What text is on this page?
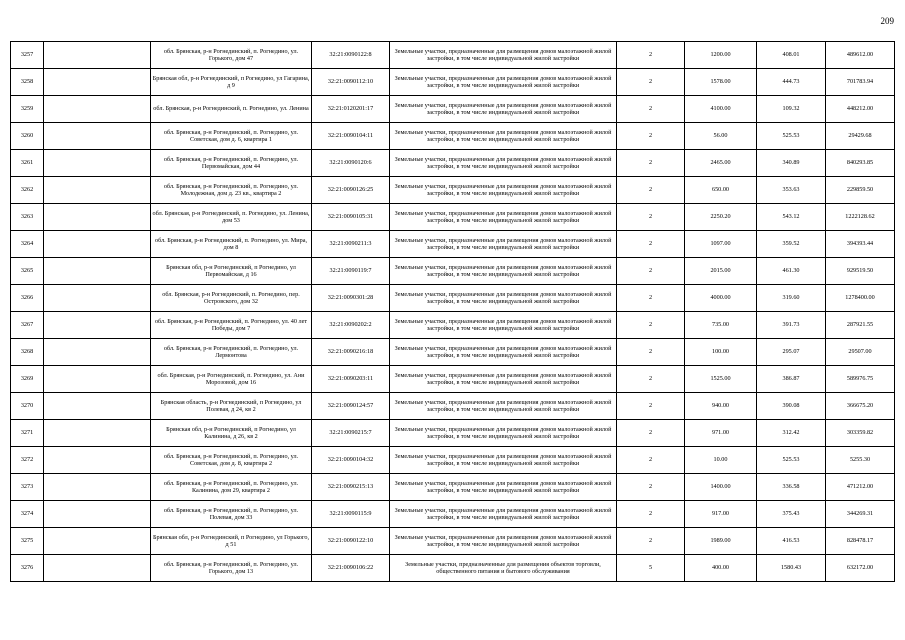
209
3257		обл. Брянская, р-н Рогнединский, п. Рогнедино, ул. Горького, дом 47	32:21:0090122:8	Земельные участки, предназначенные для размещения домов малоэтажной жилой застройки, в том числе индивидуальной жилой застройки	2	1200.00	408.01	489612.00
3258		Брянская обл, р-н Рогнединский, п Рогнедино, ул Гагарина, д 9	32:21:0090112:10	Земельные участки, предназначенные для размещения домов малоэтажной жилой застройки, в том числе индивидуальной жилой застройки	2	1578.00	444.73	701783.94
3259		обл. Брянская, р-н Рогнединский, п. Рогнедино, ул. Ленина	32:21:0120201:17	Земельные участки, предназначенные для размещения домов малоэтажной жилой застройки, в том числе индивидуальной жилой застройки	2	4100.00	109.32	448212.00
3260		обл. Брянская, р-н Рогнединский, п. Рогнедино, ул. Советская, дом д. 6, квартира 1	32:21:0090104:11	Земельные участки, предназначенные для размещения домов малоэтажной жилой застройки, в том числе индивидуальной жилой застройки	2	56.00	525.53	29429.68
3261		обл. Брянская, р-н Рогнединский, п. Рогнедино, ул. Первомайская, дом 44	32:21:0090120:6	Земельные участки, предназначенные для размещения домов малоэтажной жилой застройки, в том числе индивидуальной жилой застройки	2	2465.00	340.89	840293.85
3262		обл. Брянская, р-н Рогнединский, п. Рогнедино, ул. Молодежная, дом д. 23 кв., квартира 2	32:21:0090126:25	Земельные участки, предназначенные для размещения домов малоэтажной жилой застройки, в том числе индивидуальной жилой застройки	2	650.00	353.63	229859.50
3263		обл. Брянская, р-н Рогнединский, п. Рогнедино, ул. Ленина, дом 53	32:21:0090105:31	Земельные участки, предназначенные для размещения домов малоэтажной жилой застройки, в том числе индивидуальной жилой застройки	2	2250.20	543.12	1222128.62
3264		обл. Брянская, р-н Рогнединский, п. Рогнедино, ул. Мира, дом 8	32:21:0090211:3	Земельные участки, предназначенные для размещения домов малоэтажной жилой застройки, в том числе индивидуальной жилой застройки	2	1097.00	359.52	394393.44
3265		Брянская обл, р-н Рогнединский, п Рогнедино, ул Первомайская, д 16	32:21:0090119:7	Земельные участки, предназначенные для размещения домов малоэтажной жилой застройки, в том числе индивидуальной жилой застройки	2	2015.00	461.30	929519.50
3266		обл. Брянская, р-н Рогнединский, п. Рогнедино, пер. Островского, дом 32	32:21:0090301:28	Земельные участки, предназначенные для размещения домов малоэтажной жилой застройки, в том числе индивидуальной жилой застройки	2	4000.00	319.60	1278400.00
3267		обл. Брянская, р-н Рогнединский, п. Рогнедино, ул. 40 лет Победы, дом 7	32:21:0090202:2	Земельные участки, предназначенные для размещения домов малоэтажной жилой застройки, в том числе индивидуальной жилой застройки	2	735.00	391.73	287921.55
3268		обл. Брянская, р-н Рогнединский, п. Рогнедино, ул. Лермонтова	32:21:0090216:18	Земельные участки, предназначенные для размещения домов малоэтажной жилой застройки, в том числе индивидуальной жилой застройки	2	100.00	295.07	29507.00
3269		обл. Брянская, р-н Рогнединский, п. Рогнедино, ул. Ани Морозовой, дом 16	32:21:0090203:11	Земельные участки, предназначенные для размещения домов малоэтажной жилой застройки, в том числе индивидуальной жилой застройки	2	1525.00	386.87	589976.75
3270		Брянская область, р-н Рогнединский, п Рогнедино, ул Полевая, д 24, кв 2	32:21:0090124:57	Земельные участки, предназначенные для размещения домов малоэтажной жилой застройки, в том числе индивидуальной жилой застройки	2	940.00	390.08	366675.20
3271		Брянская обл, р-н Рогнединский, п Рогнедино, ул Калинина, д 26, кв 2	32:21:0090215:7	Земельные участки, предназначенные для размещения домов малоэтажной жилой застройки, в том числе индивидуальной жилой застройки	2	971.00	312.42	303359.82
3272		обл. Брянская, р-н Рогнединский, п. Рогнедино, ул. Советская, дом д. 8, квартира 2	32:21:0090104:32	Земельные участки, предназначенные для размещения домов малоэтажной жилой застройки, в том числе индивидуальной жилой застройки	2	10.00	525.53	5255.30
3273		обл. Брянская, р-н Рогнединский, п. Рогнедино, ул. Калинина, дом 29, квартира 2	32:21:0090215:13	Земельные участки, предназначенные для размещения домов малоэтажной жилой застройки, в том числе индивидуальной жилой застройки	2	1400.00	336.58	471212.00
3274		обл. Брянская, р-н Рогнединский, п. Рогнедино, ул. Полевая, дом 33	32:21:0090115:9	Земельные участки, предназначенные для размещения домов малоэтажной жилой застройки, в том числе индивидуальной жилой застройки	2	917.00	375.43	344269.31
3275		Брянская обл, р-н Рогнединский, п Рогнедино, ул Горького, д 51	32:21:0090122:10	Земельные участки, предназначенные для размещения домов малоэтажной жилой застройки, в том числе индивидуальной жилой застройки	2	1989.00	416.53	828478.17
3276		обл. Брянская, р-н Рогнединский, п. Рогнедино, ул. Горького, дом 13	32:21:0090106:22	Земельные участки, предназначенные для размещения объектов торговли, общественного питания и бытового обслуживания	5	400.00	1580.43	632172.00
